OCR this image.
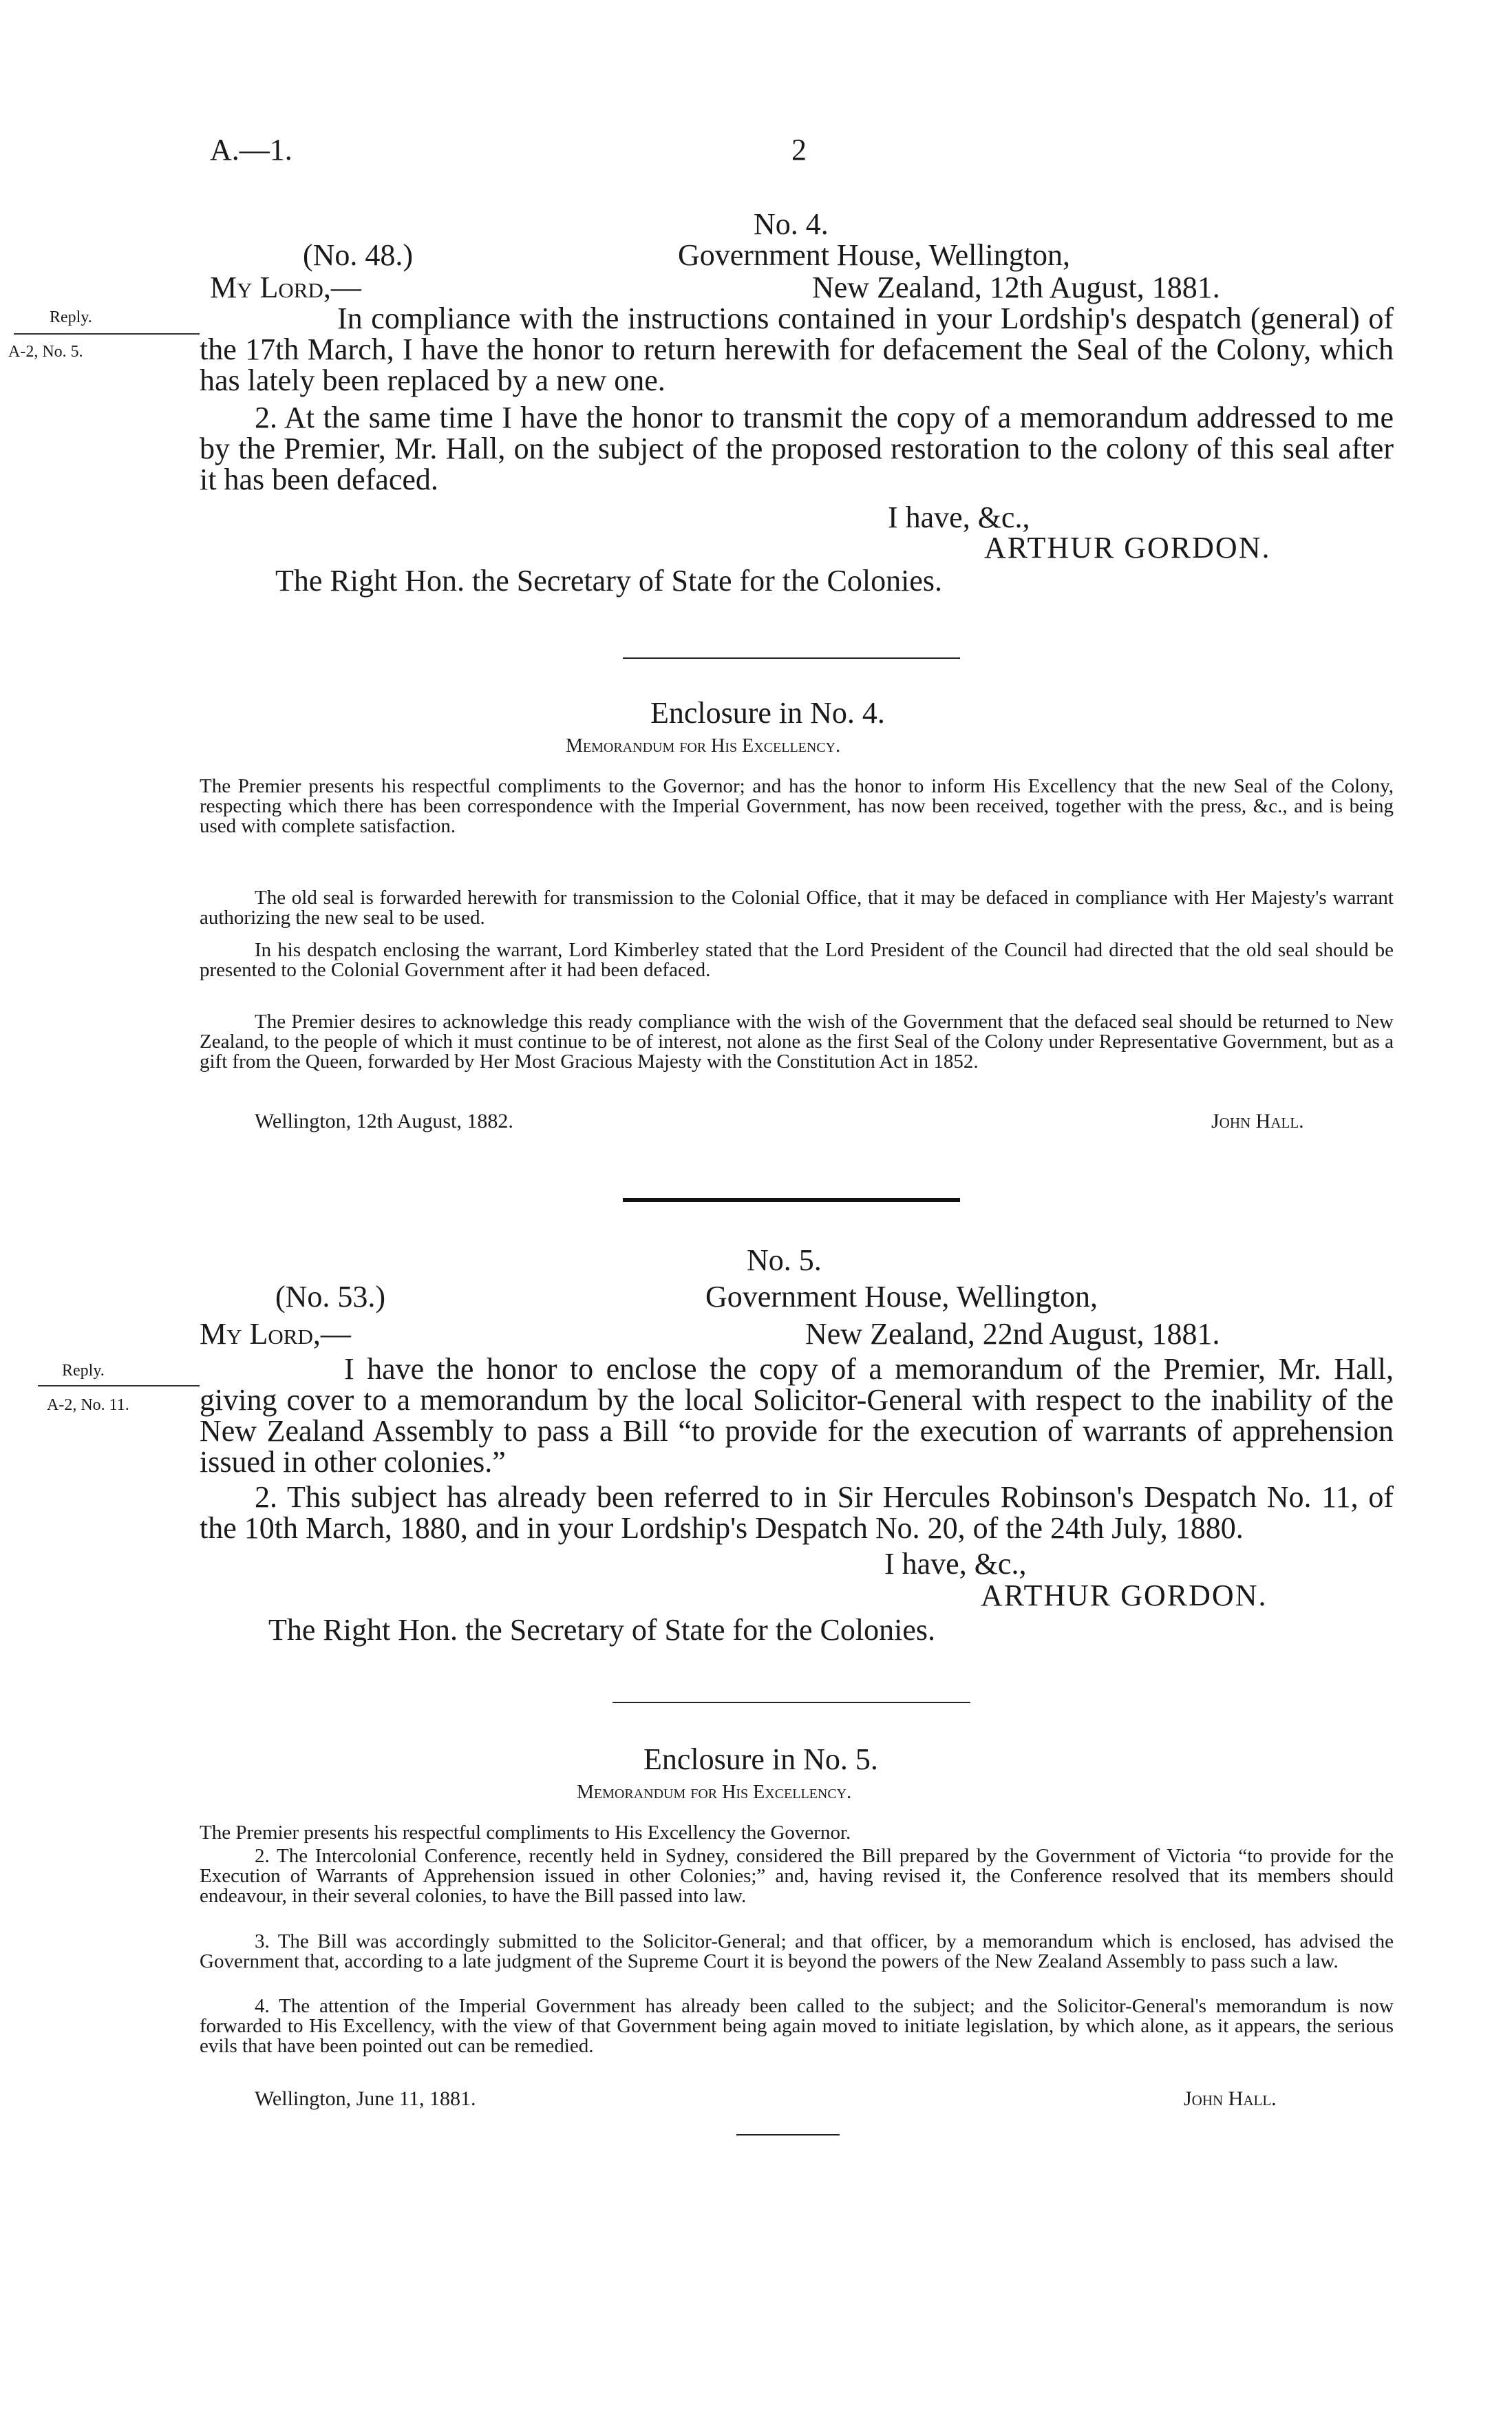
A.—1.	2
No. 4.
(No. 48.)	Government House, Wellington,
My Lord,—	New Zealand, 12th August, 1881.
Reply.
A-2, No. 5.

In compliance with the instructions contained in your Lordship's despatch (general) of the 17th March, I have the honor to return herewith for defacement the Seal of the Colony, which has lately been replaced by a new one.

2. At the same time I have the honor to transmit the copy of a memorandum addressed to me by the Premier, Mr. Hall, on the subject of the proposed restoration to the colony of this seal after it has been defaced.

I have, &c.,
ARTHUR GORDON.
The Right Hon. the Secretary of State for the Colonies.
Enclosure in No. 4.
Memorandum for His Excellency.

The Premier presents his respectful compliments to the Governor; and has the honor to inform His Excellency that the new Seal of the Colony, respecting which there has been correspondence with the Imperial Government, has now been received, together with the press, &c., and is being used with complete satisfaction.

The old seal is forwarded herewith for transmission to the Colonial Office, that it may be defaced in compliance with Her Majesty's warrant authorizing the new seal to be used.

In his despatch enclosing the warrant, Lord Kimberley stated that the Lord President of the Council had directed that the old seal should be presented to the Colonial Government after it had been defaced.

The Premier desires to acknowledge this ready compliance with the wish of the Government that the defaced seal should be returned to New Zealand, to the people of which it must continue to be of interest, not alone as the first Seal of the Colony under Representative Government, but as a gift from the Queen, forwarded by Her Most Gracious Majesty with the Constitution Act in 1852.

Wellington, 12th August, 1882.	John Hall.
No. 5.
(No. 53.)	Government House, Wellington,
My Lord,—	New Zealand, 22nd August, 1881.
Reply.
A-2, No. 11.

I have the honor to enclose the copy of a memorandum of the Premier, Mr. Hall, giving cover to a memorandum by the local Solicitor-General with respect to the inability of the New Zealand Assembly to pass a Bill “to provide for the execution of warrants of apprehension issued in other colonies.”

2. This subject has already been referred to in Sir Hercules Robinson's Despatch No. 11, of the 10th March, 1880, and in your Lordship's Despatch No. 20, of the 24th July, 1880.

I have, &c.,
ARTHUR GORDON.
The Right Hon. the Secretary of State for the Colonies.
Enclosure in No. 5.
Memorandum for His Excellency.

The Premier presents his respectful compliments to His Excellency the Governor.

2. The Intercolonial Conference, recently held in Sydney, considered the Bill prepared by the Government of Victoria “to provide for the Execution of Warrants of Apprehension issued in other Colonies;” and, having revised it, the Conference resolved that its members should endeavour, in their several colonies, to have the Bill passed into law.

3. The Bill was accordingly submitted to the Solicitor-General; and that officer, by a memorandum which is enclosed, has advised the Government that, according to a late judgment of the Supreme Court it is beyond the powers of the New Zealand Assembly to pass such a law.

4. The attention of the Imperial Government has already been called to the subject; and the Solicitor-General's memorandum is now forwarded to His Excellency, with the view of that Government being again moved to initiate legislation, by which alone, as it appears, the serious evils that have been pointed out can be remedied.

Wellington, June 11, 1881.	John Hall.
